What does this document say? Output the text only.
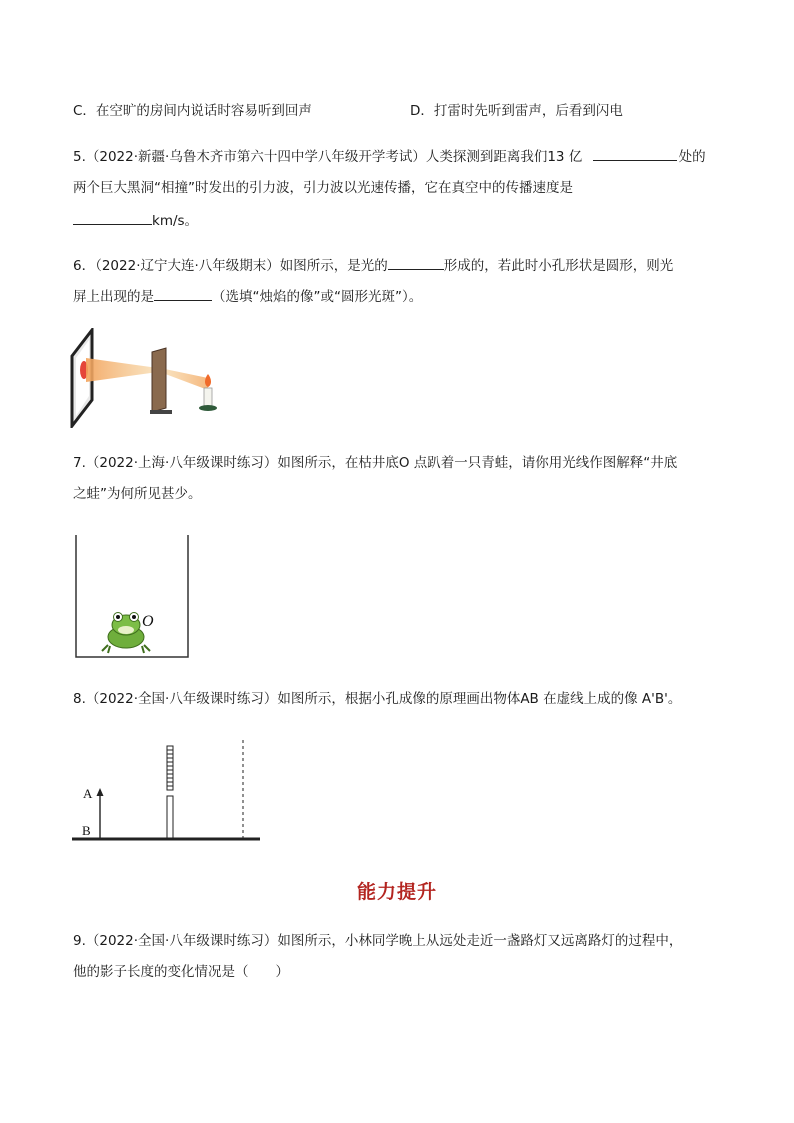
C．在空旷的房间内说话时容易听到回声	D．打雷时先听到雷声，后看到闪电
5.（2022·新疆·乌鲁木齐市第六十四中学八年级开学考试）人类探测到距离我们13 亿	处的
两个巨大黑洞“相撞”时发出的引力波，引力波以光速传播，它在真空中的传播速度是
km/s。
6．（2022·辽宁大连·八年级期末）如图所示，是光的	形成的，若此时小孔形状是圆形，则光
屏上出现的是	（选填“烛焰的像”或“圆形光斑”）。
7.（2022·上海·八年级课时练习）如图所示，在枯井底O 点趴着一只青蛙，请你用光线作图解释“井底
之蛙”为何所见甚少。
O
8.（2022·全国·八年级课时练习）如图所示，根据小孔成像的原理画出物体AB 在虚线上成的像 A'B'。
A
B
能力提升
9.（2022·全国·八年级课时练习）如图所示，小林同学晚上从远处走近一盏路灯又远离路灯的过程中，
他的影子长度的变化情况是（　　）
